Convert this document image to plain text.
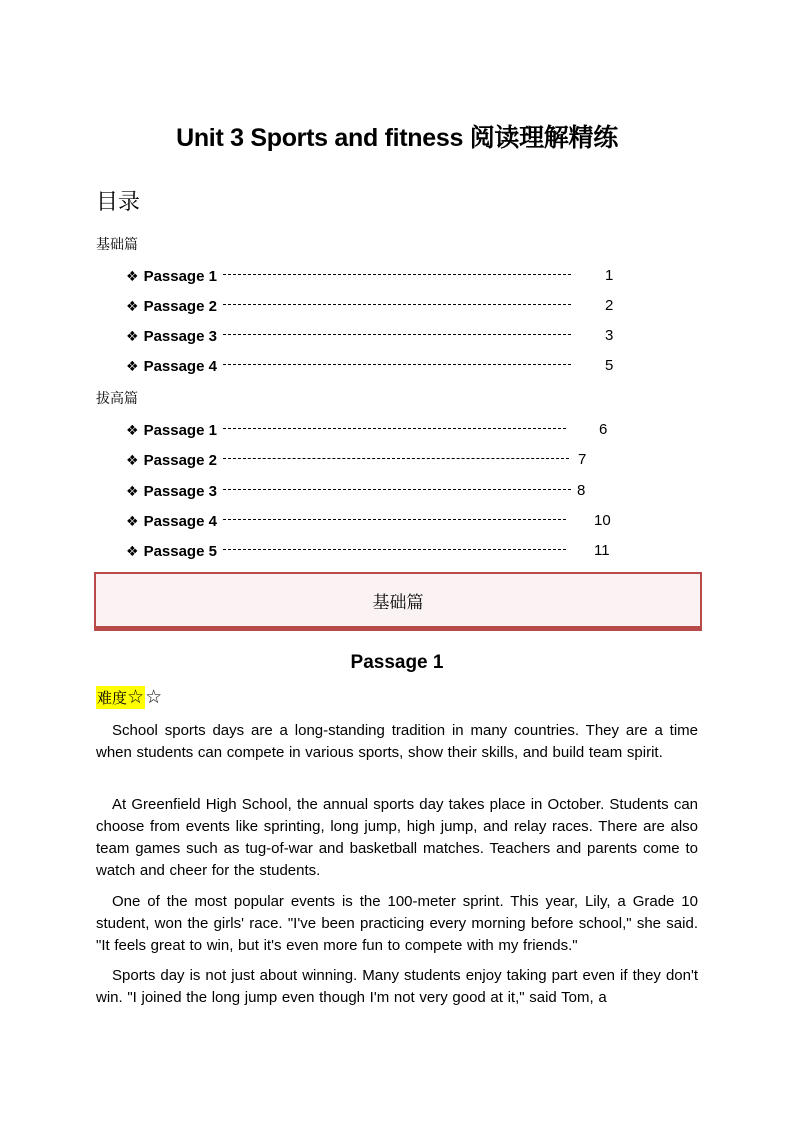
Unit 3 Sports and fitness 阅读理解精练
目录
基础篇
❖ Passage 1	1
❖ Passage 2	2
❖ Passage 3	3
❖ Passage 4	5
拔高篇
❖ Passage 1	6
❖ Passage 2	7
❖ Passage 3	8
❖ Passage 4	10
❖ Passage 5	11
基础篇
Passage 1
难度 ☆ ☆
School sports days are a long-standing tradition in many countries. They are a time when students can compete in various sports, show their skills, and build team spirit.
At Greenfield High School, the annual sports day takes place in October. Students can choose from events like sprinting, long jump, high jump, and relay races. There are also team games such as tug-of-war and basketball matches. Teachers and parents come to watch and cheer for the students.
One of the most popular events is the 100-meter sprint. This year, Lily, a Grade 10 student, won the girls' race. "I've been practicing every morning before school," she said. "It feels great to win, but it's even more fun to compete with my friends."
Sports day is not just about winning. Many students enjoy taking part even if they don't win. "I joined the long jump even though I'm not very good at it," said Tom, a
